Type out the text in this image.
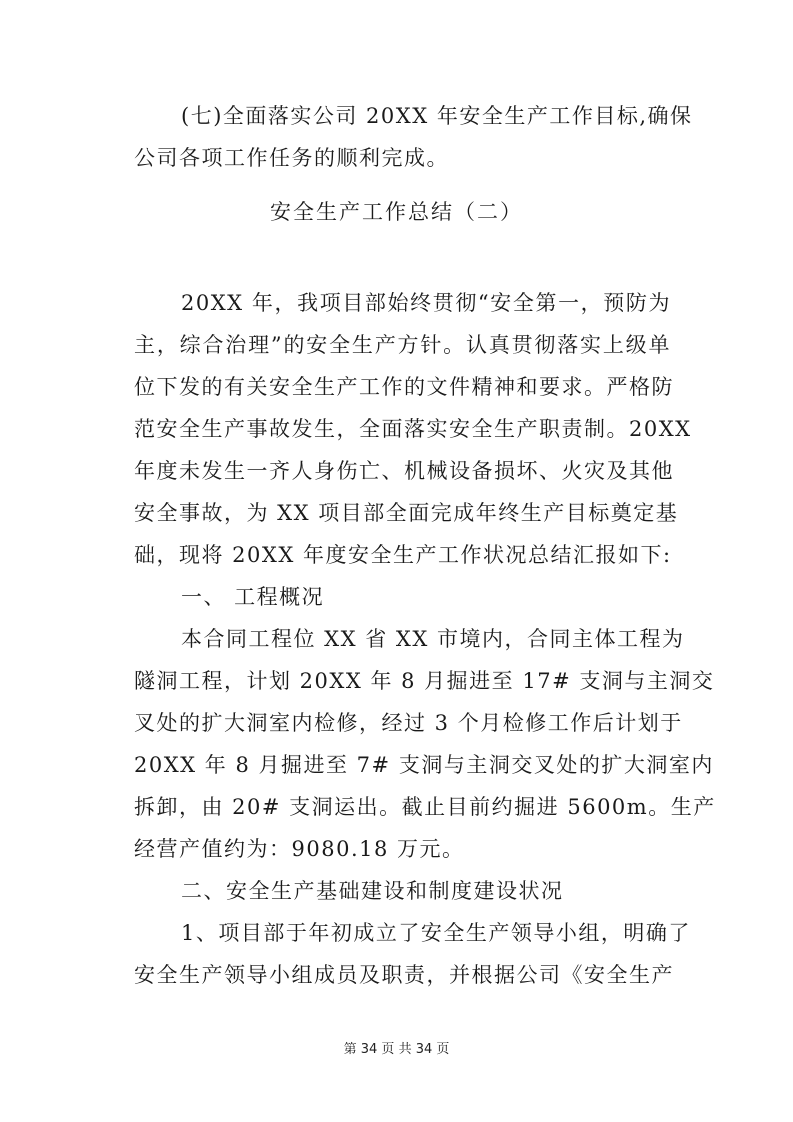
(七)全面落实公司 20XX 年安全生产工作目标,确保
公司各项工作任务的顺利完成。
安全生产工作总结（二）
20XX 年，我项目部始终贯彻“安全第一，预防为
主，综合治理”的安全生产方针。认真贯彻落实上级单
位下发的有关安全生产工作的文件精神和要求。严格防
范安全生产事故发生，全面落实安全生产职责制。20XX
年度未发生一齐人身伤亡、机械设备损坏、火灾及其他
安全事故，为 XX 项目部全面完成年终生产目标奠定基
础，现将 20XX 年度安全生产工作状况总结汇报如下:
一、 工程概况
本合同工程位 XX 省 XX 市境内，合同主体工程为
隧洞工程，计划 20XX 年 8 月掘进至 17# 支洞与主洞交
叉处的扩大洞室内检修，经过 3 个月检修工作后计划于
20XX 年 8 月掘进至 7# 支洞与主洞交叉处的扩大洞室内
拆卸，由 20# 支洞运出。截止目前约掘进 5600m。生产
经营产值约为：9080.18 万元。
二、安全生产基础建设和制度建设状况
1、项目部于年初成立了安全生产领导小组，明确了
安全生产领导小组成员及职责，并根据公司《安全生产
第 34 页 共 34 页
